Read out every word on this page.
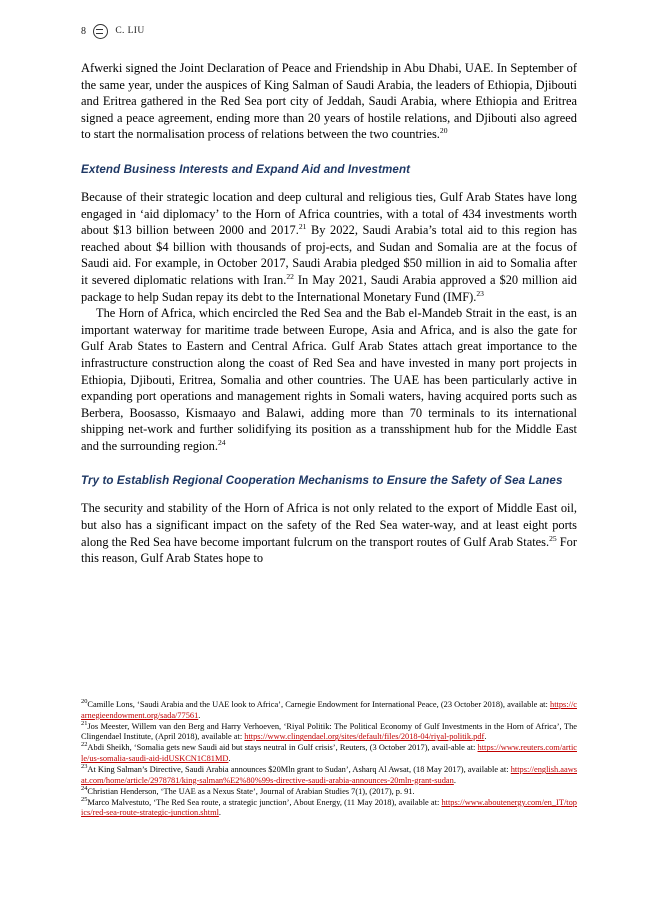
8	C. LIU

Afwerki signed the Joint Declaration of Peace and Friendship in Abu Dhabi, UAE. In September of the same year, under the auspices of King Salman of Saudi Arabia, the leaders of Ethiopia, Djibouti and Eritrea gathered in the Red Sea port city of Jeddah, Saudi Arabia, where Ethiopia and Eritrea signed a peace agreement, ending more than 20 years of hostile relations, and Djibouti also agreed to start the normalisation process of relations between the two countries.$^{20}$

Extend Business Interests and Expand Aid and Investment

Because of their strategic location and deep cultural and religious ties, Gulf Arab States have long engaged in ‘aid diplomacy’ to the Horn of Africa countries, with a total of 434 investments worth about $13 billion between 2000 and 2017.21 By 2022, Saudi Arabia’s total aid to this region has reached about $4 billion with thousands of proj-ects, and Sudan and Somalia are at the focus of Saudi aid. For example, in October 2017, Saudi Arabia pledged $50 million in aid to Somalia after it severed diplomatic relations with Iran.$^{22}$ In May 2021, Saudi Arabia approved a $20 million aid package to help Sudan repay its debt to the International Monetary Fund (IMF).$^{23}$

The Horn of Africa, which encircled the Red Sea and the Bab el-Mandeb Strait in the east, is an important waterway for maritime trade between Europe, Asia and Africa, and is also the gate for Gulf Arab States to Eastern and Central Africa. Gulf Arab States attach great importance to the infrastructure construction along the coast of Red Sea and have invested in many port projects in Ethiopia, Djibouti, Eritrea, Somalia and other countries. The UAE has been particularly active in expanding port operations and management rights in Somali waters, having acquired ports such as Berbera, Boosasso, Kismaayo and Balawi, adding more than 70 terminals to its international shipping net-work and further solidifying its position as a transshipment hub for the Middle East and the surrounding region.$^{24}$

Try to Establish Regional Cooperation Mechanisms to Ensure the Safety of Sea Lanes

The security and stability of the Horn of Africa is not only related to the export of Middle East oil, but also has a significant impact on the safety of the Red Sea water-way, and at least eight ports along the Red Sea have become important fulcrum on the transport routes of Gulf Arab States.$^{25}$ For this reason, Gulf Arab States hope to

$^{20}$Camille Lons, ‘Saudi Arabia and the UAE look to Africa’, Carnegie Endowment for International Peace, (23 October 2018), available at: https://carnegieendowment.org/sada/77561.

$^{21}$Jos Meester, Willem van den Berg and Harry Verhoeven, ‘Riyal Politik: The Political Economy of Gulf Investments in the Horn of Africa’, The Clingendael Institute, (April 2018), available at: https://www.clingendael.org/sites/default/files/2018-04/riyal-politik.pdf.

$^{22}$Abdi Sheikh, ‘Somalia gets new Saudi aid but stays neutral in Gulf crisis’, Reuters, (3 October 2017), avail-able at: https://www.reuters.com/article/us-somalia-saudi-aid-idUSKCN1C81MD.

$^{23}$At King Salman’s Directive, Saudi Arabia announces $20Mln grant to Sudan’, Asharq Al Awsat, (18 May 2017), available at: https://english.aawsat.com/home/article/2978781/king-salman%E2%80%99s-directive-saudi-arabia-announces-20mln-grant-sudan.

$^{24}$Christian Henderson, ‘The UAE as a Nexus State’, Journal of Arabian Studies 7(1), (2017), p. 91.

$^{25}$Marco Malvestuto, ‘The Red Sea route, a strategic junction’, About Energy, (11 May 2018), available at: https://www.aboutenergy.com/en_IT/topics/red-sea-route-strategic-junction.shtml.
